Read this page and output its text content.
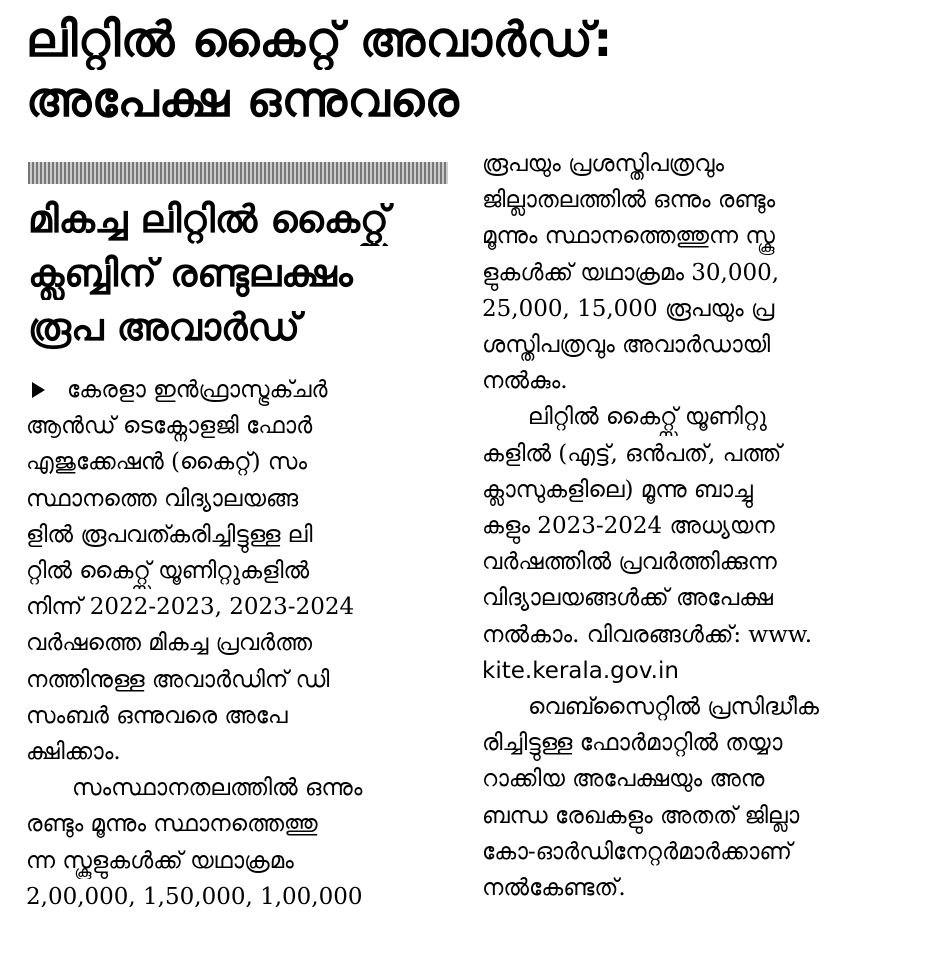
ലിറ്റിൽ കൈറ്റ്സ് അവാർഡ്:
അപേക്ഷ ഒന്നുവരെ
മികച്ച ലിറ്റിൽ കൈറ്റ്സ്
ക്ലബ്ബിന് രണ്ടുലക്ഷം
രൂപ അവാർഡ്
കേരളാ ഇൻഫ്രാസ്ട്രക്ചർ
ആൻഡ് ടെക്നോളജി ഫോർ
എജുക്കേഷൻ (കൈറ്റ്) സം
സ്ഥാനത്തെ വിദ്യാലയങ്ങ
ളിൽ രൂപവത്കരിച്ചിട്ടുള്ള ലി
റ്റിൽ കൈറ്റ്സ് യൂണിറ്റുകളിൽ
നിന്ന് 2022-2023, 2023-2024
വർഷത്തെ മികച്ച പ്രവർത്ത
നത്തിനുള്ള അവാർഡിന് ഡി
സംബർ ഒന്നുവരെ അപേ
ക്ഷിക്കാം.
സംസ്ഥാനതലത്തിൽ ഒന്നും
രണ്ടും മൂന്നും സ്ഥാനത്തെത്തു
ന്ന സ്കൂളുകൾക്ക് യഥാക്രമം
2,00,000, 1,50,000, 1,00,000
രൂപയും പ്രശസ്തിപത്രവും
ജില്ലാതലത്തിൽ ഒന്നും രണ്ടും
മൂന്നും സ്ഥാനത്തെത്തുന്ന സ്കൂ
ളുകൾക്ക് യഥാക്രമം 30,000,
25,000, 15,000 രൂപയും പ്ര
ശസ്തിപത്രവും അവാർഡായി
നൽകും.
ലിറ്റിൽ കൈറ്റ്സ് യൂണിറ്റു
കളിൽ (എട്ട്, ഒൻപത്, പത്ത്
ക്ലാസുകളിലെ) മൂന്നു ബാച്ചു
കളും 2023-2024 അധ്യയന
വർഷത്തിൽ പ്രവർത്തിക്കുന്ന
വിദ്യാലയങ്ങൾക്ക് അപേക്ഷ
നൽകാം. വിവരങ്ങൾക്ക്: www.
kite.kerala.gov.in
വെബ്സൈറ്റിൽ പ്രസിദ്ധീക
രിച്ചിട്ടുള്ള ഫോർമാറ്റിൽ തയ്യാ
റാക്കിയ അപേക്ഷയും അനു
ബന്ധ രേഖകളും അതത് ജില്ലാ
കോ-ഓർഡിനേറ്റർമാർക്കാണ്
നൽകേണ്ടത്.
